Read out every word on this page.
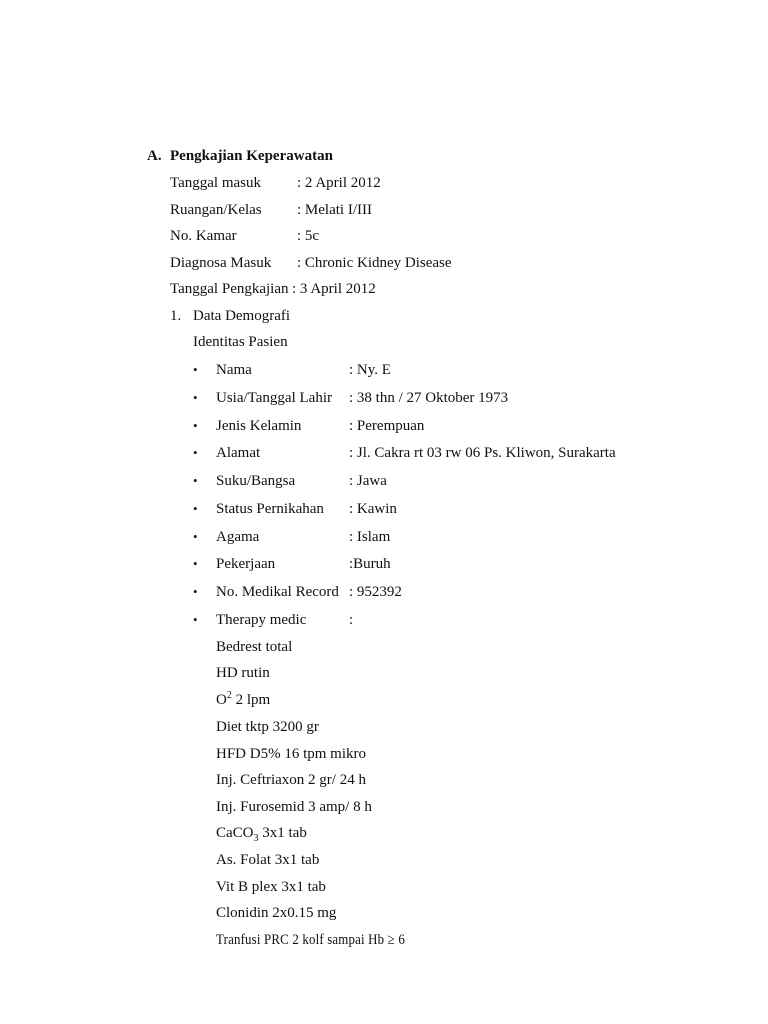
A. Pengkajian Keperawatan
Tanggal masuk : 2 April 2012
Ruangan/Kelas : Melati I/III
No. Kamar	: 5c
Diagnosa Masuk : Chronic Kidney Disease
Tanggal Pengkajian : 3 April 2012
1. Data Demografi
Identitas Pasien
• Nama	: Ny. E
• Usia/Tanggal Lahir : 38 thn / 27 Oktober 1973
• Jenis Kelamin	: Perempuan
• Alamat	: Jl. Cakra rt 03 rw 06 Ps. Kliwon, Surakarta
• Suku/Bangsa	: Jawa
• Status Pernikahan : Kawin
• Agama	: Islam
• Pekerjaan	:Buruh
• No. Medikal Record : 952392
• Therapy medic	:
Bedrest total
HD rutin
$O^2$ 2 lpm
Diet tktp 3200 gr
HFD D5% 16 tpm mikro
Inj. Ceftriaxon 2 gr/ 24 h
Inj. Furosemid 3 amp/ 8 h
CaCO$_3$ 3x1 tab
As. Folat 3x1 tab
Vit B plex 3x1 tab
Clonidin 2x0.15 mg
Tranfusi PRC 2 kolf sampai Hb ≥ 6
